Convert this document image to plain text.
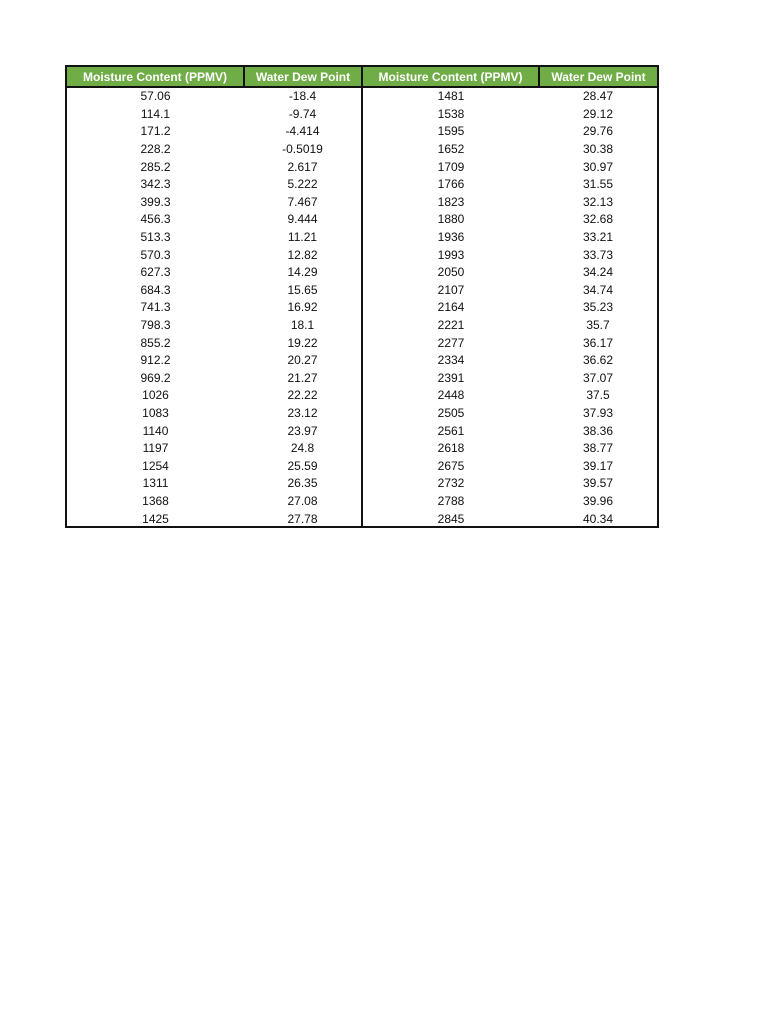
Moisture Content (PPMV)	Water Dew Point	Moisture Content (PPMV)	Water Dew Point
57.06	-18.4	1481	28.47
114.1	-9.74	1538	29.12
171.2	-4.414	1595	29.76
228.2	-0.5019	1652	30.38
285.2	2.617	1709	30.97
342.3	5.222	1766	31.55
399.3	7.467	1823	32.13
456.3	9.444	1880	32.68
513.3	11.21	1936	33.21
570.3	12.82	1993	33.73
627.3	14.29	2050	34.24
684.3	15.65	2107	34.74
741.3	16.92	2164	35.23
798.3	18.1	2221	35.7
855.2	19.22	2277	36.17
912.2	20.27	2334	36.62
969.2	21.27	2391	37.07
1026	22.22	2448	37.5
1083	23.12	2505	37.93
1140	23.97	2561	38.36
1197	24.8	2618	38.77
1254	25.59	2675	39.17
1311	26.35	2732	39.57
1368	27.08	2788	39.96
1425	27.78	2845	40.34
